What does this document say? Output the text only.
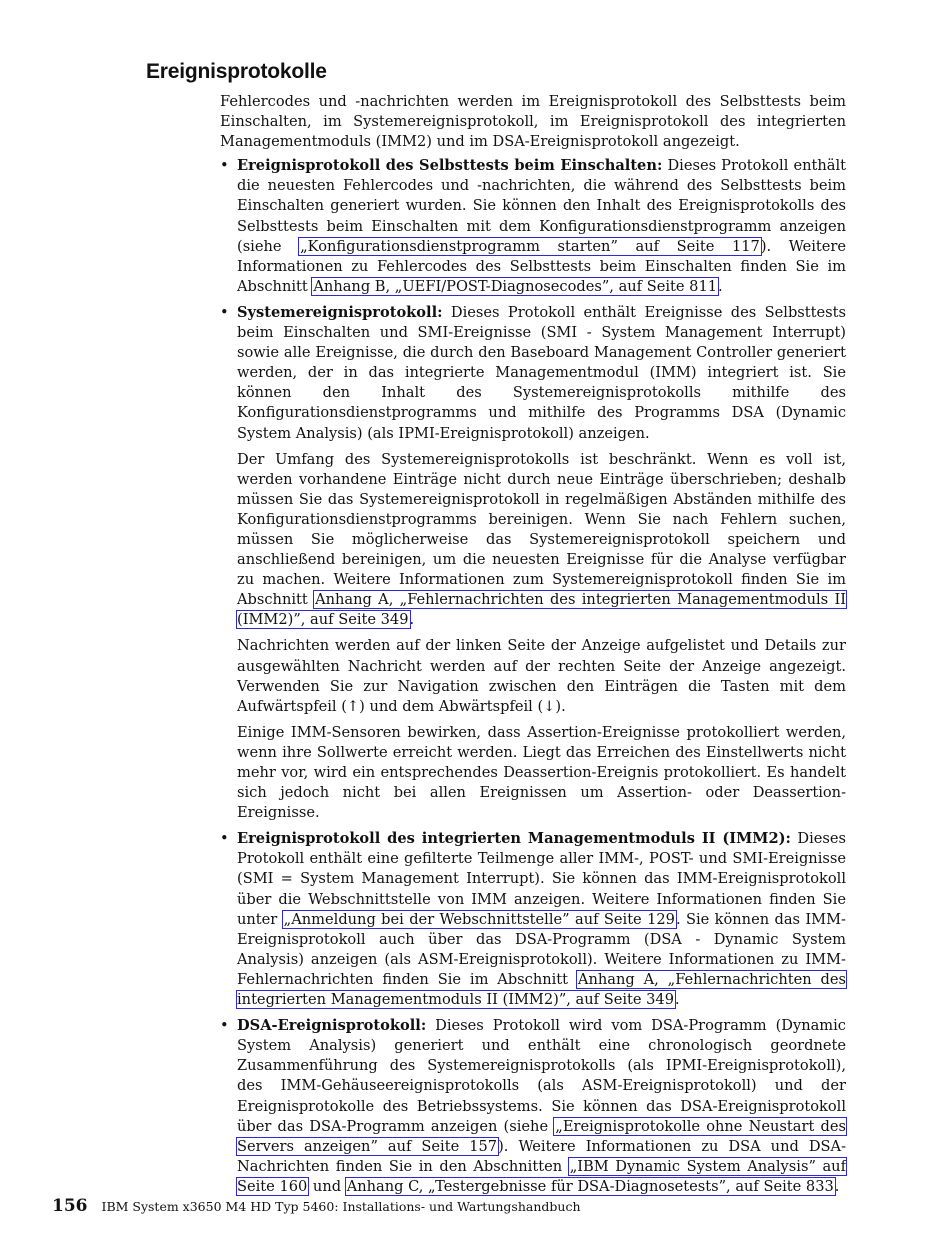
Ereignisprotokolle

Fehlercodes und -nachrichten werden im Ereignisprotokoll des Selbsttests beim Einschalten, im Systemereignisprotokoll, im Ereignisprotokoll des integrierten Managementmoduls (IMM2) und im DSA-Ereignisprotokoll angezeigt.

• Ereignisprotokoll des Selbsttests beim Einschalten: Dieses Protokoll enthält die neuesten Fehlercodes und -nachrichten, die während des Selbsttests beim Einschalten generiert wurden. Sie können den Inhalt des Ereignisprotokolls des Selbsttests beim Einschalten mit dem Konfigurationsdienstprogramm anzeigen (siehe „Konfigurationsdienstprogramm starten” auf Seite 117). Weitere Informationen zu Fehlercodes des Selbsttests beim Einschalten finden Sie im Abschnitt Anhang B, „UEFI/POST-Diagnosecodes”, auf Seite 811.

• Systemereignisprotokoll: Dieses Protokoll enthält Ereignisse des Selbsttests beim Einschalten und SMI-Ereignisse (SMI - System Management Interrupt) sowie alle Ereignisse, die durch den Baseboard Management Controller generiert werden, der in das integrierte Managementmodul (IMM) integriert ist. Sie können den Inhalt des Systemereignisprotokolls mithilfe des Konfigurationsdienstprogramms und mithilfe des Programms DSA (Dynamic System Analysis) (als IPMI-Ereignisprotokoll) anzeigen.

Der Umfang des Systemereignisprotokolls ist beschränkt. Wenn es voll ist, werden vorhandene Einträge nicht durch neue Einträge überschrieben; deshalb müssen Sie das Systemereignisprotokoll in regelmäßigen Abständen mithilfe des Konfigurationsdienstprogramms bereinigen. Wenn Sie nach Fehlern suchen, müssen Sie möglicherweise das Systemereignisprotokoll speichern und anschließend bereinigen, um die neuesten Ereignisse für die Analyse verfügbar zu machen. Weitere Informationen zum Systemereignisprotokoll finden Sie im Abschnitt Anhang A, „Fehlernachrichten des integrierten Managementmoduls II (IMM2)”, auf Seite 349.

Nachrichten werden auf der linken Seite der Anzeige aufgelistet und Details zur ausgewählten Nachricht werden auf der rechten Seite der Anzeige angezeigt. Verwenden Sie zur Navigation zwischen den Einträgen die Tasten mit dem Aufwärtspfeil (↑) und dem Abwärtspfeil (↓).

Einige IMM-Sensoren bewirken, dass Assertion-Ereignisse protokolliert werden, wenn ihre Sollwerte erreicht werden. Liegt das Erreichen des Einstellwerts nicht mehr vor, wird ein entsprechendes Deassertion-Ereignis protokolliert. Es handelt sich jedoch nicht bei allen Ereignissen um Assertion- oder Deassertion-Ereignisse.

• Ereignisprotokoll des integrierten Managementmoduls II (IMM2): Dieses Protokoll enthält eine gefilterte Teilmenge aller IMM-, POST- und SMI-Ereignisse (SMI = System Management Interrupt). Sie können das IMM-Ereignisprotokoll über die Webschnittstelle von IMM anzeigen. Weitere Informationen finden Sie unter „Anmeldung bei der Webschnittstelle” auf Seite 129. Sie können das IMM-Ereignisprotokoll auch über das DSA-Programm (DSA - Dynamic System Analysis) anzeigen (als ASM-Ereignisprotokoll). Weitere Informationen zu IMM-Fehlernachrichten finden Sie im Abschnitt Anhang A, „Fehlernachrichten des integrierten Managementmoduls II (IMM2)”, auf Seite 349.

• DSA-Ereignisprotokoll: Dieses Protokoll wird vom DSA-Programm (Dynamic System Analysis) generiert und enthält eine chronologisch geordnete Zusammenführung des Systemereignisprotokolls (als IPMI-Ereignisprotokoll), des IMM-Gehäuseereignisprotokolls (als ASM-Ereignisprotokoll) und der Ereignisprotokolle des Betriebssystems. Sie können das DSA-Ereignisprotokoll über das DSA-Programm anzeigen (siehe „Ereignisprotokolle ohne Neustart des Servers anzeigen” auf Seite 157). Weitere Informationen zu DSA und DSA-Nachrichten finden Sie in den Abschnitten „IBM Dynamic System Analysis” auf Seite 160 und Anhang C, „Testergebnisse für DSA-Diagnosetests”, auf Seite 833.

156 IBM System x3650 M4 HD Typ 5460: Installations- und Wartungshandbuch
